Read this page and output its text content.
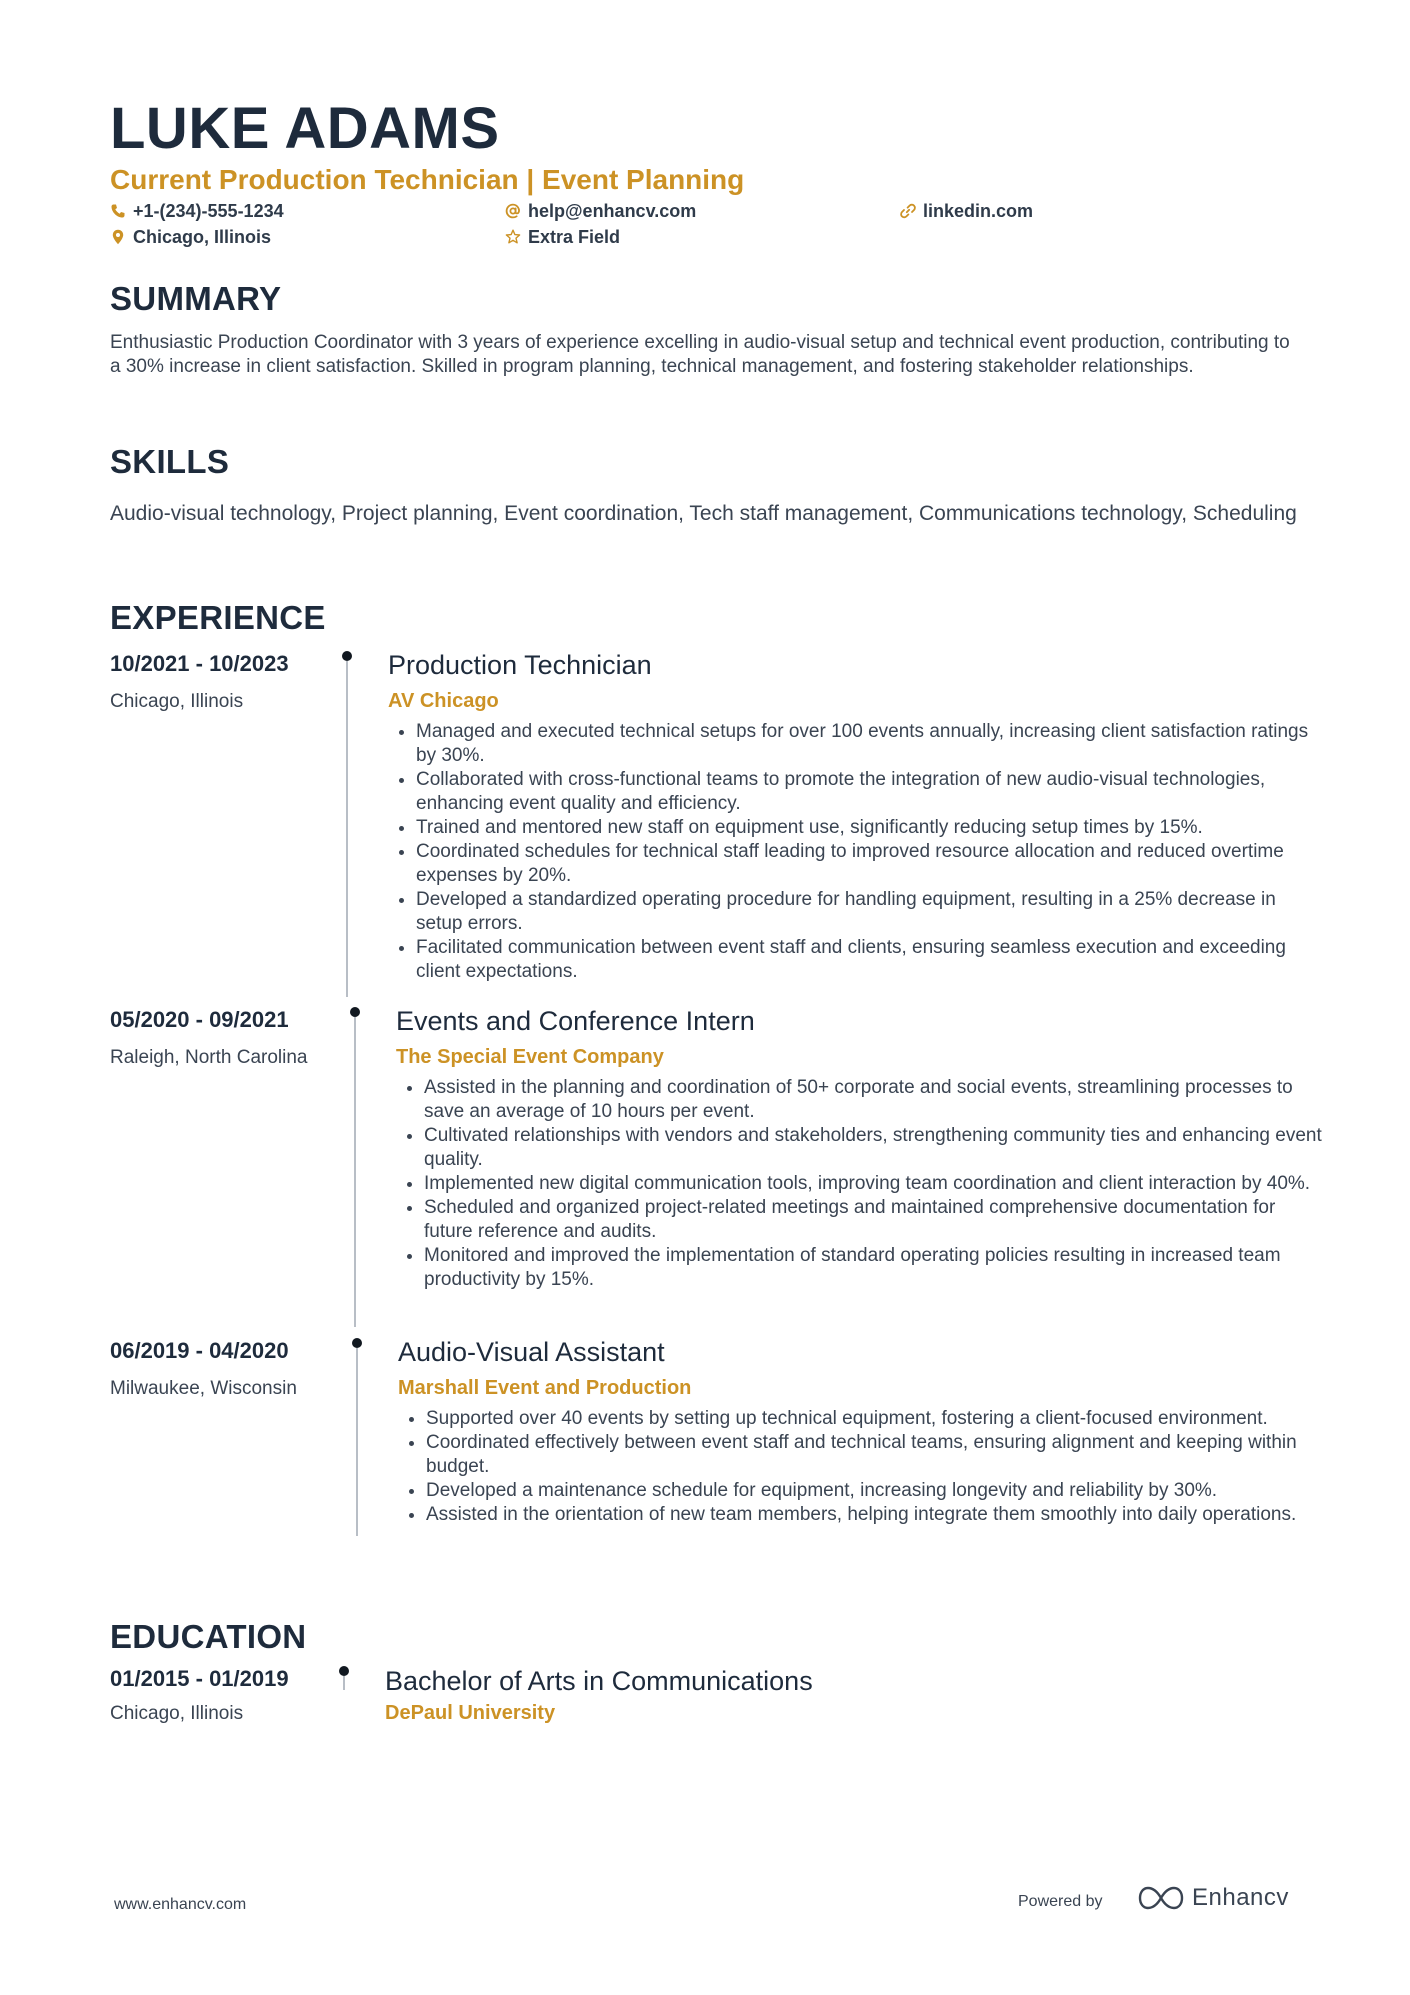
LUKE ADAMS
Current Production Technician | Event Planning
+1-(234)-555-1234	help@enhancv.com	linkedin.com
Chicago, Illinois	Extra Field
SUMMARY

Enthusiastic Production Coordinator with 3 years of experience excelling in audio-visual setup and technical event production, contributing to a 30% increase in client satisfaction. Skilled in program planning, technical management, and fostering stakeholder relationships.

SKILLS

Audio-visual technology, Project planning, Event coordination, Tech staff management, Communications technology, Scheduling

EXPERIENCE
10/2021 - 10/2023
Chicago, Illinois
Production Technician
AV Chicago
• Managed and executed technical setups for over 100 events annually, increasing client satisfaction ratings by 30%.
• Collaborated with cross-functional teams to promote the integration of new audio-visual technologies, enhancing event quality and efficiency.
• Trained and mentored new staff on equipment use, significantly reducing setup times by 15%.
• Coordinated schedules for technical staff leading to improved resource allocation and reduced overtime expenses by 20%.
• Developed a standardized operating procedure for handling equipment, resulting in a 25% decrease in setup errors.
• Facilitated communication between event staff and clients, ensuring seamless execution and exceeding client expectations.
05/2020 - 09/2021
Raleigh, North Carolina
Events and Conference Intern
The Special Event Company
• Assisted in the planning and coordination of 50+ corporate and social events, streamlining processes to save an average of 10 hours per event.
• Cultivated relationships with vendors and stakeholders, strengthening community ties and enhancing event quality.
• Implemented new digital communication tools, improving team coordination and client interaction by 40%.
• Scheduled and organized project-related meetings and maintained comprehensive documentation for future reference and audits.
• Monitored and improved the implementation of standard operating policies resulting in increased team productivity by 15%.
06/2019 - 04/2020
Milwaukee, Wisconsin
Audio-Visual Assistant
Marshall Event and Production
• Supported over 40 events by setting up technical equipment, fostering a client-focused environment.
• Coordinated effectively between event staff and technical teams, ensuring alignment and keeping within budget.
• Developed a maintenance schedule for equipment, increasing longevity and reliability by 30%.
• Assisted in the orientation of new team members, helping integrate them smoothly into daily operations.
EDUCATION
01/2015 - 01/2019
Chicago, Illinois
Bachelor of Arts in Communications
DePaul University
www.enhancv.com	Powered by	Enhancv
